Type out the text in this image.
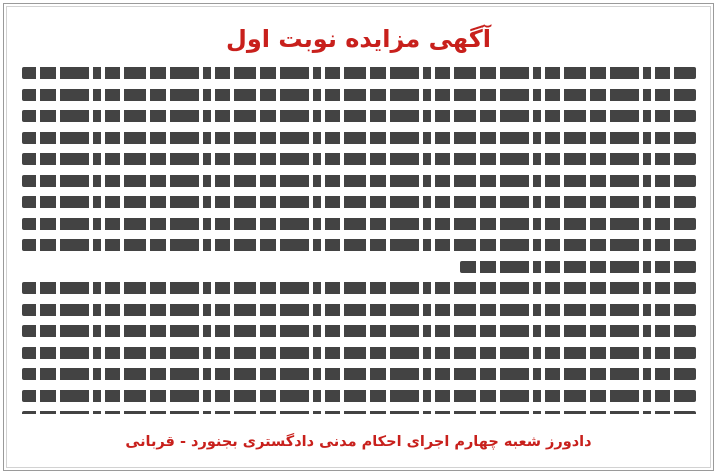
آگهی مزایده نوبت اول

دادورز شعبه چهارم اجرای احکام مدنی دادگستری بجنورد - قربانی
